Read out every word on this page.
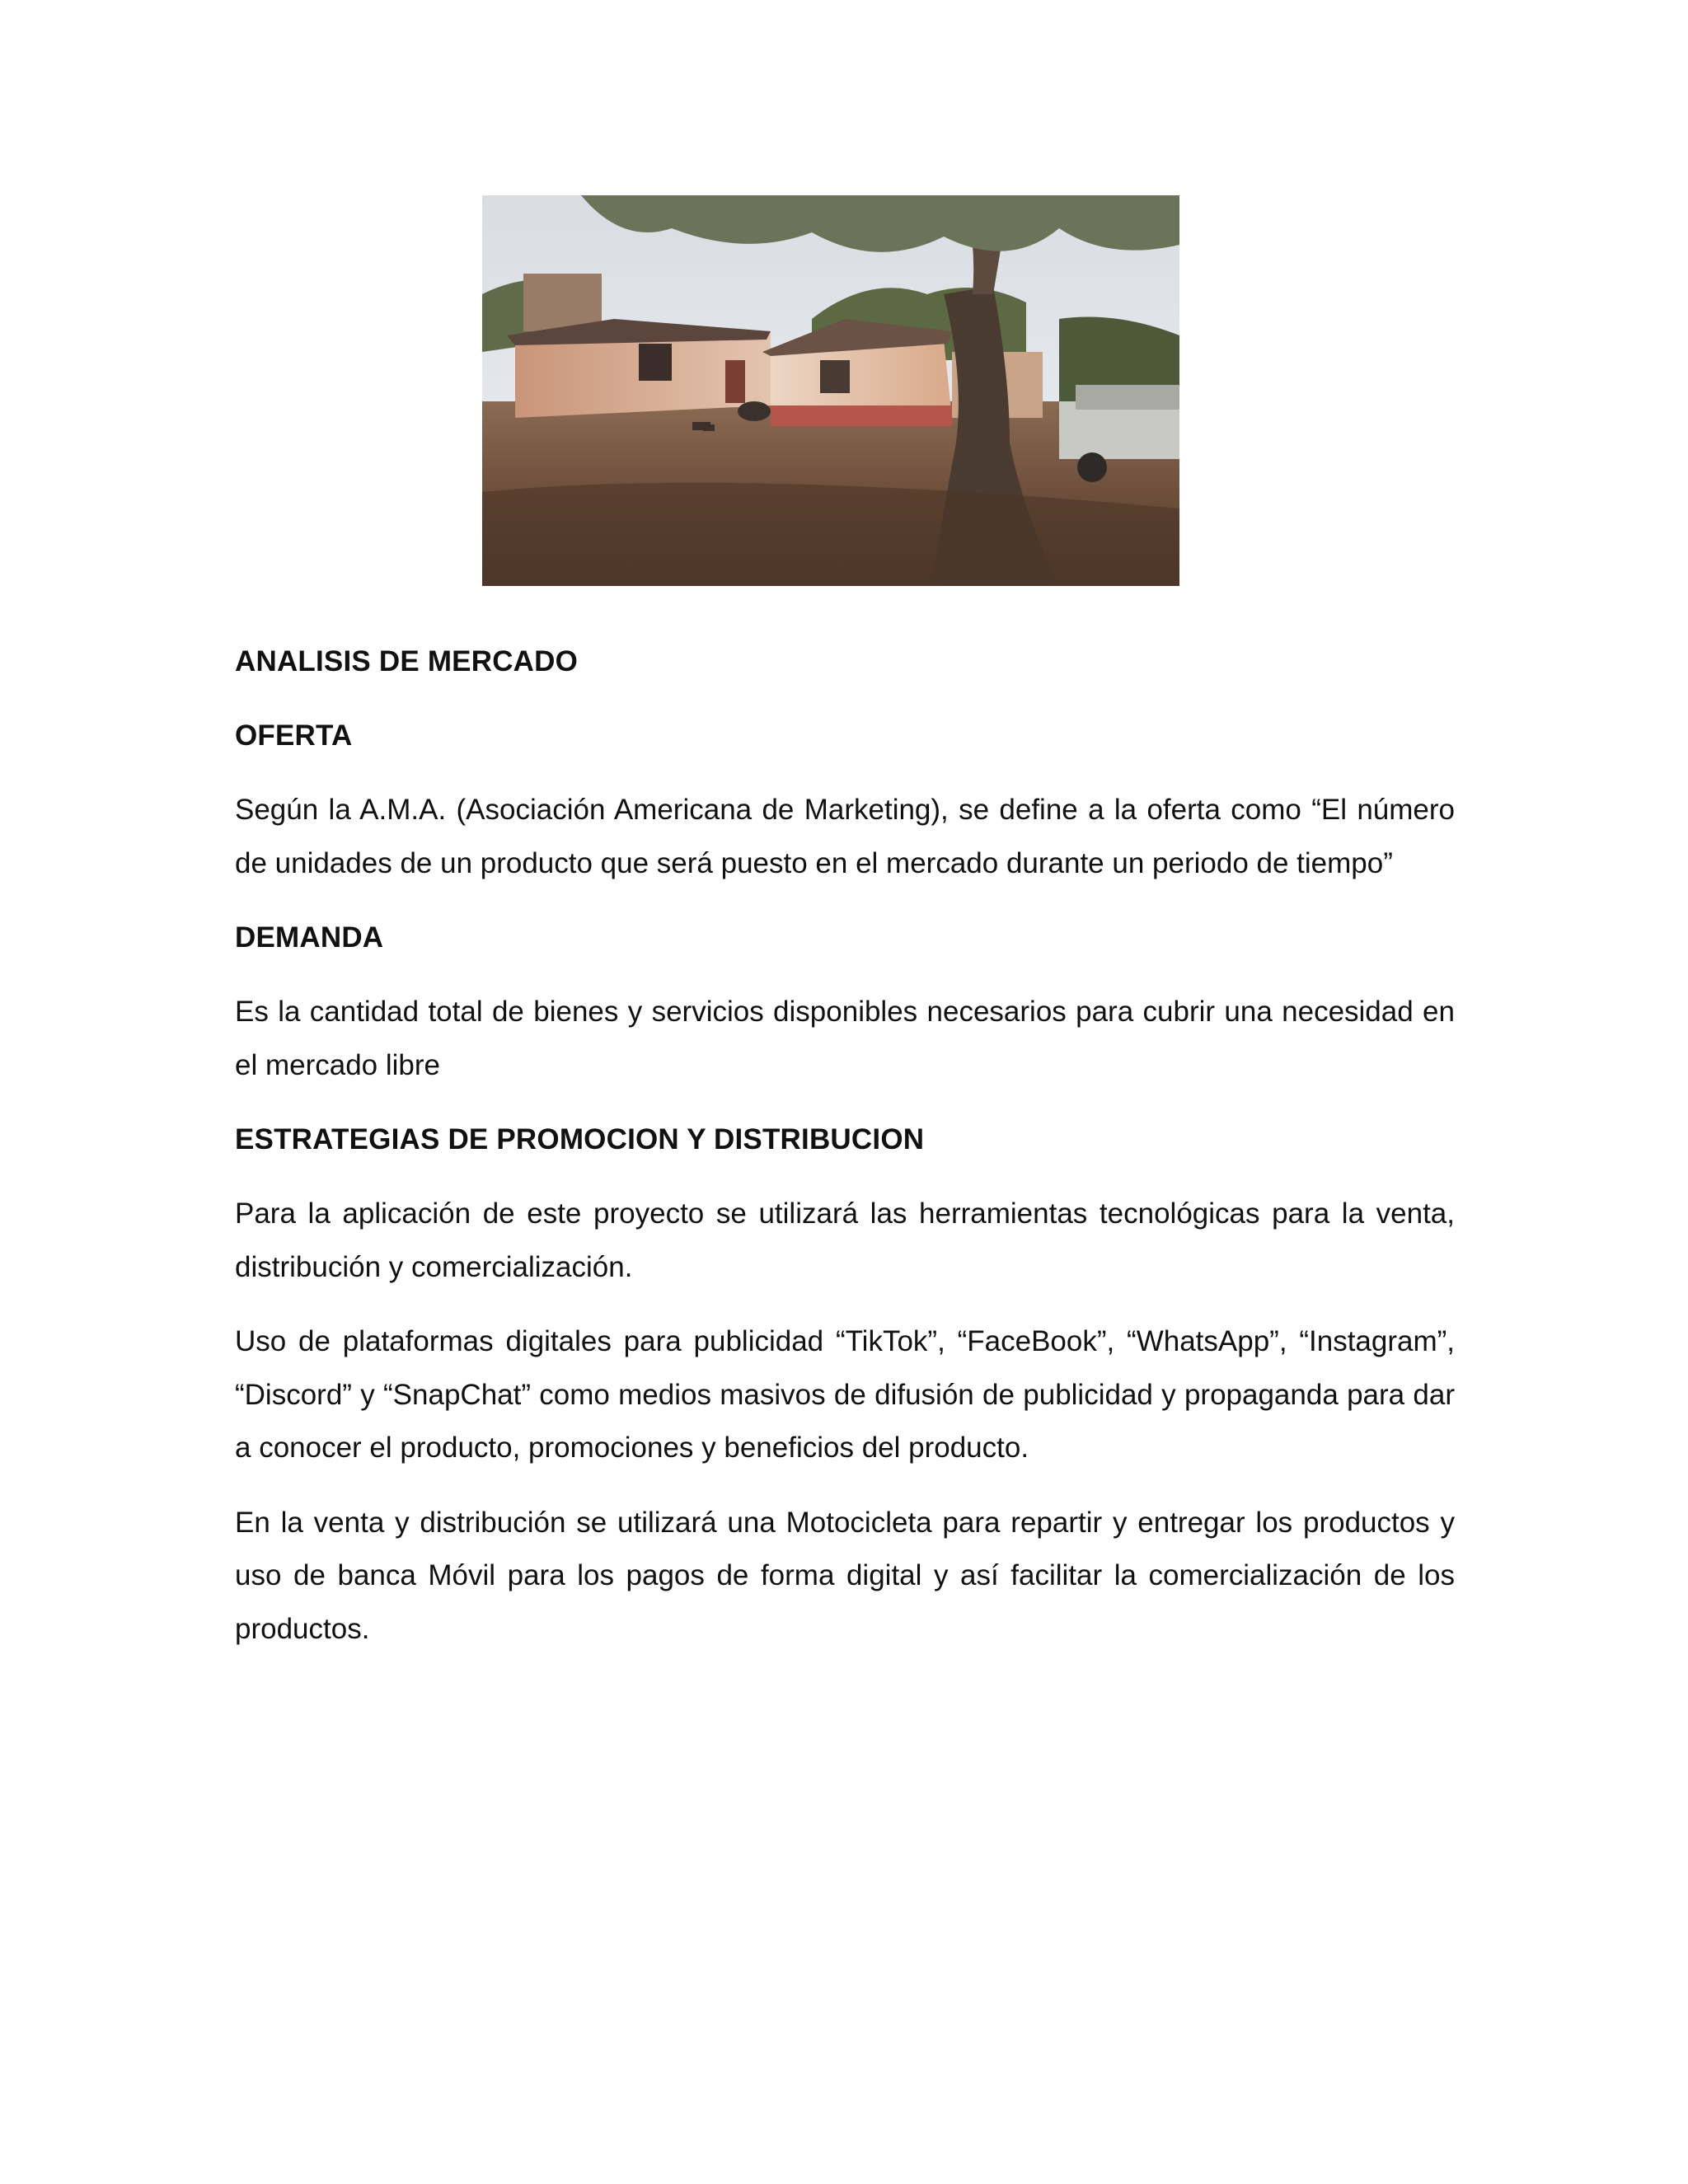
ANALISIS DE MERCADO
OFERTA

Según la A.M.A. (Asociación Americana de Marketing), se define a la oferta como “El número de unidades de un producto que será puesto en el mercado durante un periodo de tiempo”

DEMANDA

Es la cantidad total de bienes y servicios disponibles necesarios para cubrir una necesidad en el mercado libre

ESTRATEGIAS DE PROMOCION Y DISTRIBUCION

Para la aplicación de este proyecto se utilizará las herramientas tecnológicas para la venta, distribución y comercialización.

Uso de plataformas digitales para publicidad “TikTok”, “FaceBook”, “WhatsApp”, “Instagram”, “Discord” y “SnapChat” como medios masivos de difusión de publicidad y propaganda para dar a conocer el producto, promociones y beneficios del producto.

En la venta y distribución se utilizará una Motocicleta para repartir y entregar los productos y uso de banca Móvil para los pagos de forma digital y así facilitar la comercialización de los productos.
